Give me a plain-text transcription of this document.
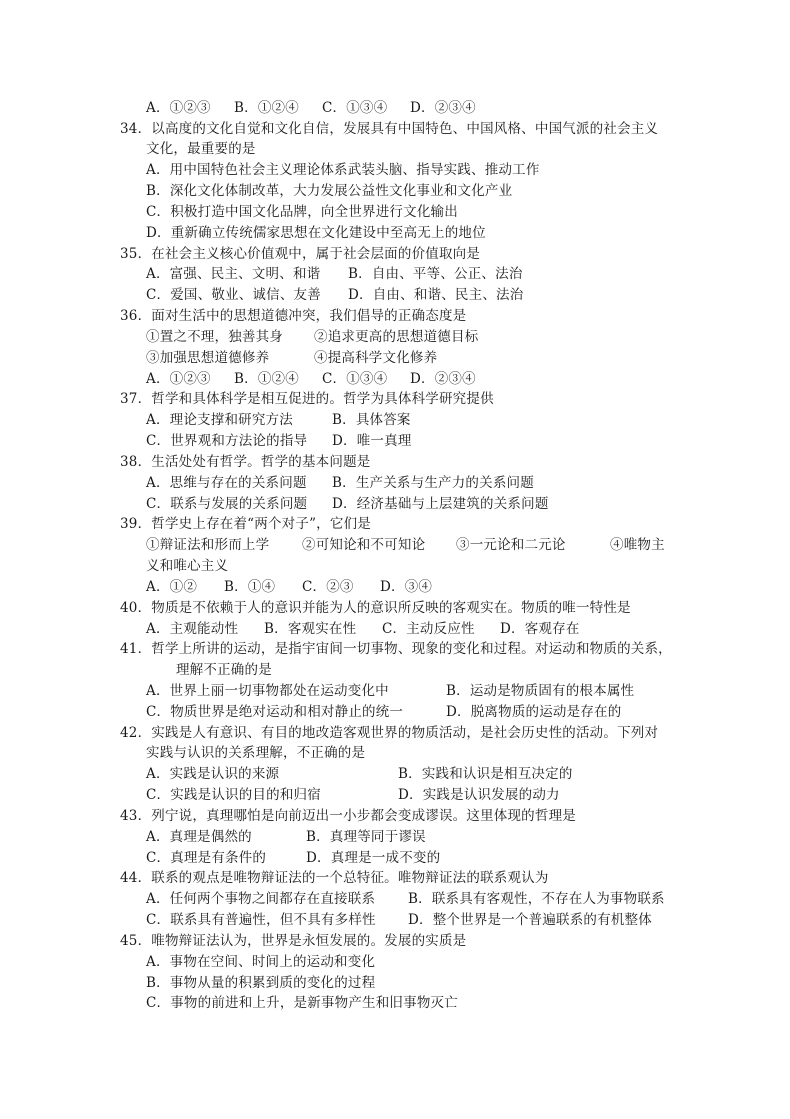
A．①②③ B．①②④ C．①③④ D．②③④
34．以高度的文化自觉和文化自信，发展具有中国特色、中国风格、中国气派的社会主义
文化，最重要的是
A．用中国特色社会主义理论体系武装头脑、指导实践、推动工作
B．深化文化体制改革，大力发展公益性文化事业和文化产业
C．积极打造中国文化品牌，向全世界进行文化输出
D．重新确立传统儒家思想在文化建设中至高无上的地位
35．在社会主义核心价值观中，属于社会层面的价值取向是
A．富强、民主、文明、和谐 B．自由、平等、公正、法治
C．爱国、敬业、诚信、友善 D．自由、和谐、民主、法治
36．面对生活中的思想道德冲突，我们倡导的正确态度是
①置之不理，独善其身 ②追求更高的思想道德目标
③加强思想道德修养	④提高科学文化修养
A．①②③ B．①②④ C．①③④ D．②③④
37．哲学和具体科学是相互促进的。哲学为具体科学研究提供
A．理论支撑和研究方法	B．具体答案
C．世界观和方法论的指导 D．唯一真理
38．生活处处有哲学。哲学的基本问题是
A．思维与存在的关系问题 B．生产关系与生产力的关系问题
C．联系与发展的关系问题 D．经济基础与上层建筑的关系问题
39．哲学史上存在着“两个对子”，它们是
①辩证法和形而上学 ②可知论和不可知论 ③一元论和二元论	④唯物主
义和唯心主义
A．①② B．①④ C．②③ D．③④
40．物质是不依赖于人的意识并能为人的意识所反映的客观实在。物质的唯一特性是
A．主观能动性 B．客观实在性 C．主动反应性 D．客观存在
41．哲学上所讲的运动，是指宇宙间一切事物、现象的变化和过程。对运动和物质的关系，
理解不正确的是
A．世界上丽一切事物都处在运动变化中	B．运动是物质固有的根本属性
C．物质世界是绝对运动和相对静止的统一	D．脱离物质的运动是存在的
42．实践是人有意识、有目的地改造客观世界的物质活动，是社会历史性的活动。下列对
实践与认识的关系理解，不正确的是
A．实践是认识的来源	B．实践和认识是相互决定的
C．实践是认识的目的和归宿	D．实践是认识发展的动力
43．列宁说，真理哪怕是向前迈出一小步都会变成谬误。这里体现的哲理是
A．真理是偶然的	B．真理等同于谬误
C．真理是有条件的	D．真理是一成不变的
44．联系的观点是唯物辩证法的一个总特征。唯物辩证法的联系观认为
A．任何两个事物之间都存在直接联系 B．联系具有客观性，不存在人为事物联系
C．联系具有普遍性，但不具有多样性 D．整个世界是一个普遍联系的有机整体
45．唯物辩证法认为，世界是永恒发展的。发展的实质是
A．事物在空间、时间上的运动和变化
B．事物从量的积累到质的变化的过程
C．事物的前进和上升，是新事物产生和旧事物灭亡
